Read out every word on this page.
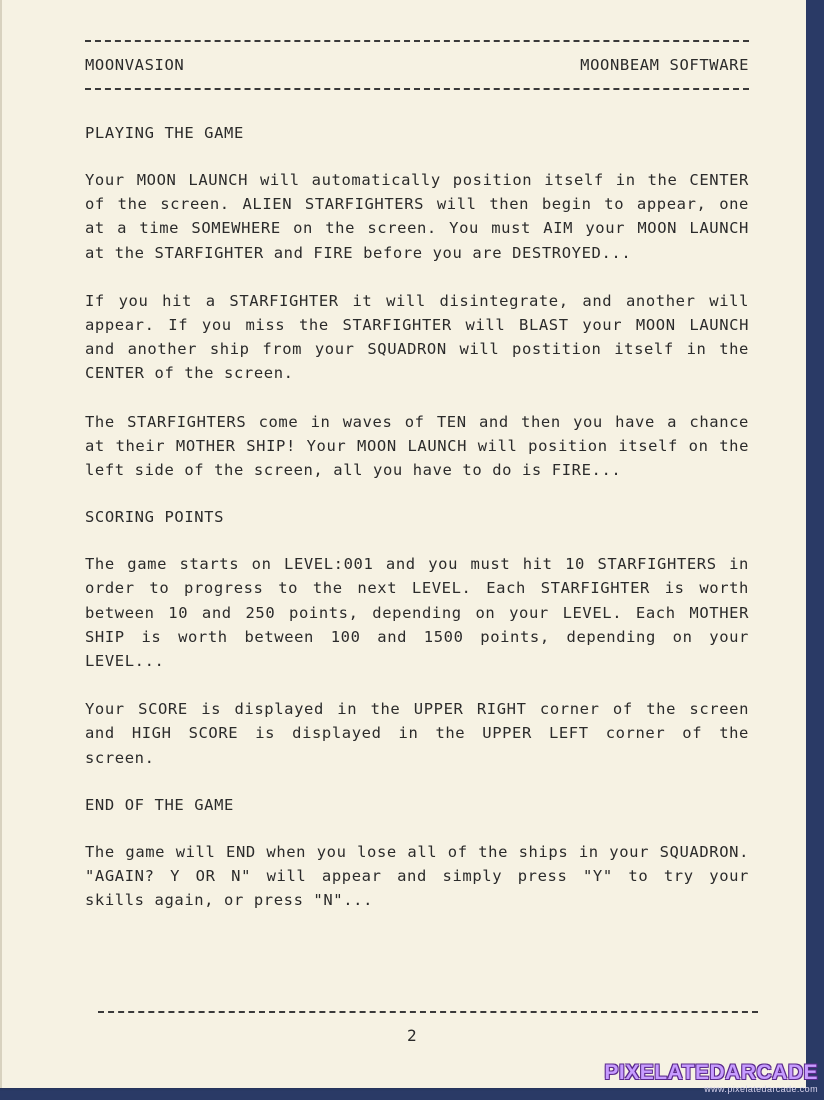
MOONVASION	MOONBEAM SOFTWARE
PLAYING THE GAME

Your MOON LAUNCH will automatically position itself in the CENTER of the screen. ALIEN STARFIGHTERS will then begin to appear, one at a time SOMEWHERE on the screen. You must AIM your MOON LAUNCH at the STARFIGHTER and FIRE before you are DESTROYED...

If you hit a STARFIGHTER it will disintegrate, and another will appear. If you miss the STARFIGHTER will BLAST your MOON LAUNCH and another ship from your SQUADRON will postition itself in the CENTER of the screen.

The STARFIGHTERS come in waves of TEN and then you have a chance at their MOTHER SHIP! Your MOON LAUNCH will position itself on the left side of the screen, all you have to do is FIRE...

SCORING POINTS

The game starts on LEVEL:001 and you must hit 10 STARFIGHTERS in order to progress to the next LEVEL. Each STARFIGHTER is worth between 10 and 250 points, depending on your LEVEL. Each MOTHER SHIP is worth between 100 and 1500 points, depending on your LEVEL...

Your SCORE is displayed in the UPPER RIGHT corner of the screen and HIGH SCORE is displayed in the UPPER LEFT corner of the screen.

END OF THE GAME

The game will END when you lose all of the ships in your SQUADRON. "AGAIN? Y OR N" will appear and simply press "Y" to try your skills again, or press "N"...

2
PIXELATEDARCADE
www.pixelatedarcade.com
